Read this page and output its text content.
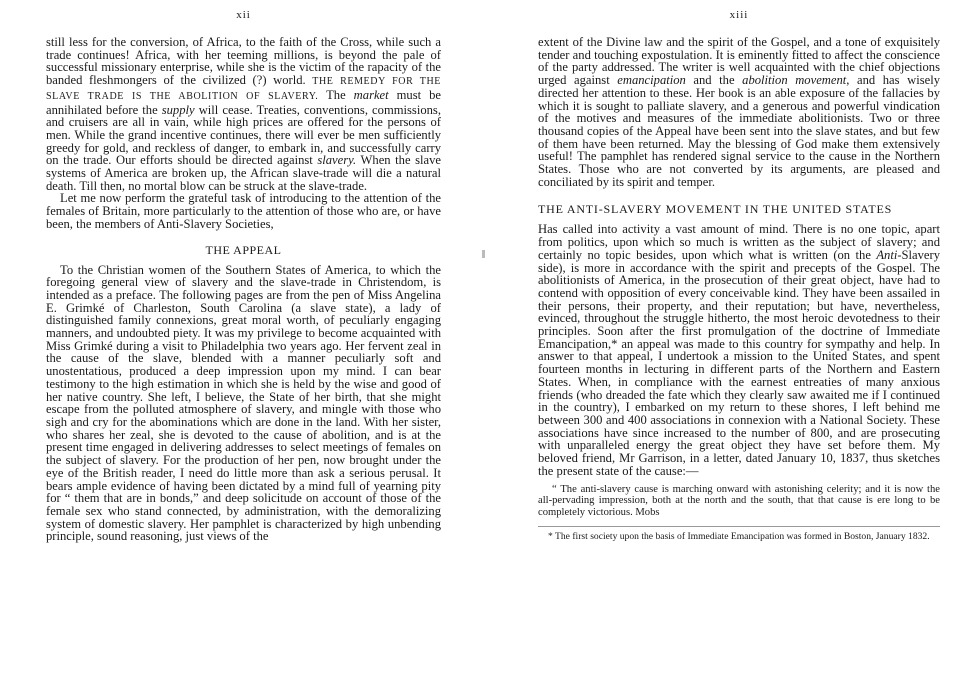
xii

still less for the conversion, of Africa, to the faith of the Cross, while such a trade continues! Africa, with her teeming millions, is beyond the pale of successful missionary enterprise, while she is the victim of the rapacity of the banded fleshmongers of the civilized (?) world. THE REMEDY FOR THE SLAVE TRADE IS THE ABOLITION OF SLAVERY. The market must be annihilated before the supply will cease. Treaties, conventions, commissions, and cruisers are all in vain, while high prices are offered for the persons of men. While the grand incentive continues, there will ever be men sufficiently greedy for gold, and reckless of danger, to embark in, and successfully carry on the trade. Our efforts should be directed against slavery. When the slave systems of America are broken up, the African slave-trade will die a natural death. Till then, no mortal blow can be struck at the slave-trade.

Let me now perform the grateful task of introducing to the attention of the females of Britain, more particularly to the attention of those who are, or have been, the members of Anti-Slavery Societies,

THE APPEAL

To the Christian women of the Southern States of America, to which the foregoing general view of slavery and the slave-trade in Christendom, is intended as a preface. The following pages are from the pen of Miss Angelina E. Grimké of Charleston, South Carolina (a slave state), a lady of distinguished family connexions, great moral worth, of peculiarly engaging manners, and undoubted piety. It was my privilege to become acquainted with Miss Grimké during a visit to Philadelphia two years ago. Her fervent zeal in the cause of the slave, blended with a manner peculiarly soft and unostentatious, produced a deep impression upon my mind. I can bear testimony to the high estimation in which she is held by the wise and good of her native country. She left, I believe, the State of her birth, that she might escape from the polluted atmosphere of slavery, and mingle with those who sigh and cry for the abominations which are done in the land. With her sister, who shares her zeal, she is devoted to the cause of abolition, and is at the present time engaged in delivering addresses to select meetings of females on the subject of slavery. For the production of her pen, now brought under the eye of the British reader, I need do little more than ask a serious perusal. It bears ample evidence of having been dictated by a mind full of yearning pity for “ them that are in bonds,” and deep solicitude on account of those of the female sex who stand connected, by administration, with the demoralizing system of domestic slavery. Her pamphlet is characterized by high unbending principle, sound reasoning, just views of the

xiii

extent of the Divine law and the spirit of the Gospel, and a tone of exquisitely tender and touching expostulation. It is eminently fitted to affect the conscience of the party addressed. The writer is well acquainted with the chief objections urged against emancipation and the abolition movement, and has wisely directed her attention to these. Her book is an able exposure of the fallacies by which it is sought to palliate slavery, and a generous and powerful vindication of the motives and measures of the immediate abolitionists. Two or three thousand copies of the Appeal have been sent into the slave states, and but few of them have been returned. May the blessing of God make them extensively useful! The pamphlet has rendered signal service to the cause in the Northern States. Those who are not converted by its arguments, are pleased and conciliated by its spirit and temper.

THE ANTI-SLAVERY MOVEMENT IN THE UNITED STATES

Has called into activity a vast amount of mind. There is no one topic, apart from politics, upon which so much is written as the subject of slavery; and certainly no topic besides, upon which what is written (on the Anti-Slavery side), is more in accordance with the spirit and precepts of the Gospel. The abolitionists of America, in the prosecution of their great object, have had to contend with opposition of every conceivable kind. They have been assailed in their persons, their property, and their reputation; but have, nevertheless, evinced, throughout the struggle hitherto, the most heroic devotedness to their principles. Soon after the first promulgation of the doctrine of Immediate Emancipation,* an appeal was made to this country for sympathy and help. In answer to that appeal, I undertook a mission to the United States, and spent fourteen months in lecturing in different parts of the Northern and Eastern States. When, in compliance with the earnest entreaties of many anxious friends (who dreaded the fate which they clearly saw awaited me if I continued in the country), I embarked on my return to these shores, I left behind me between 300 and 400 associations in connexion with a National Society. These associations have since increased to the number of 800, and are prosecuting with unparalleled energy the great object they have set before them. My beloved friend, Mr Garrison, in a letter, dated January 10, 1837, thus sketches the present state of the cause:—

“ The anti-slavery cause is marching onward with astonishing celerity; and it is now the all-pervading impression, both at the north and the south, that that cause is ere long to be completely victorious. Mobs

* The first society upon the basis of Immediate Emancipation was formed in Boston, January 1832.
